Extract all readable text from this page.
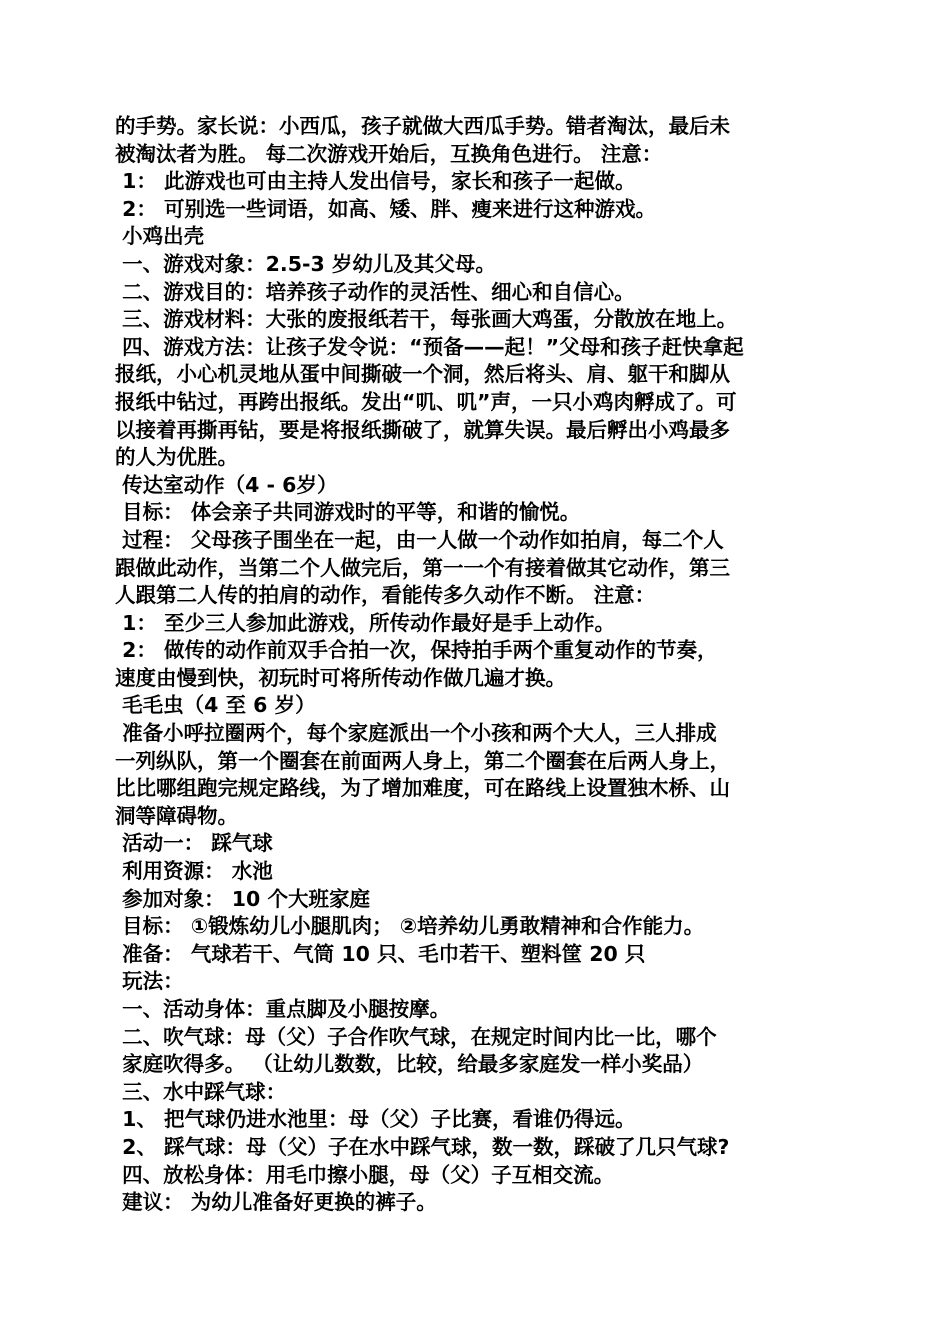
的手势。家长说：小西瓜，孩子就做大西瓜手势。错者淘汰，最后未
被淘汰者为胜。 每二次游戏开始后，互换角色进行。 注意：
1： 此游戏也可由主持人发出信号，家长和孩子一起做。
2： 可别选一些词语，如高、矮、胖、瘦来进行这种游戏。
小鸡出壳
一、游戏对象：2.5-3 岁幼儿及其父母。
二、游戏目的：培养孩子动作的灵活性、细心和自信心。
三、游戏材料：大张的废报纸若干，每张画大鸡蛋，分散放在地上。
四、游戏方法：让孩子发令说：“预备——起！”父母和孩子赶快拿起
报纸，小心机灵地从蛋中间撕破一个洞，然后将头、肩、躯干和脚从
报纸中钻过，再跨出报纸。发出“叽、叽”声，一只小鸡肉孵成了。可
以接着再撕再钻，要是将报纸撕破了，就算失误。最后孵出小鸡最多
的人为优胜。
传达室动作（4 - 6岁）
目标： 体会亲子共同游戏时的平等，和谐的愉悦。
过程： 父母孩子围坐在一起，由一人做一个动作如拍肩，每二个人
跟做此动作，当第二个人做完后，第一一个有接着做其它动作，第三
人跟第二人传的拍肩的动作，看能传多久动作不断。 注意：
1： 至少三人参加此游戏，所传动作最好是手上动作。
2： 做传的动作前双手合拍一次，保持拍手两个重复动作的节奏，
速度由慢到快，初玩时可将所传动作做几遍才换。
毛毛虫（4 至 6 岁）
准备小呼拉圈两个，每个家庭派出一个小孩和两个大人，三人排成
一列纵队，第一个圈套在前面两人身上，第二个圈套在后两人身上，
比比哪组跑完规定路线，为了增加难度，可在路线上设置独木桥、山
洞等障碍物。
活动一： 踩气球
利用资源： 水池
参加对象： 10 个大班家庭
目标： ①锻炼幼儿小腿肌肉； ②培养幼儿勇敢精神和合作能力。
准备： 气球若干、气筒 10 只、毛巾若干、塑料筐 20 只
玩法：
一、活动身体：重点脚及小腿按摩。
二、吹气球：母（父）子合作吹气球，在规定时间内比一比，哪个
家庭吹得多。 （让幼儿数数，比较，给最多家庭发一样小奖品）
三、水中踩气球：
1、 把气球仍进水池里：母（父）子比赛，看谁仍得远。
2、 踩气球：母（父）子在水中踩气球，数一数，踩破了几只气球?
四、放松身体：用毛巾擦小腿，母（父）子互相交流。
建议： 为幼儿准备好更换的裤子。
